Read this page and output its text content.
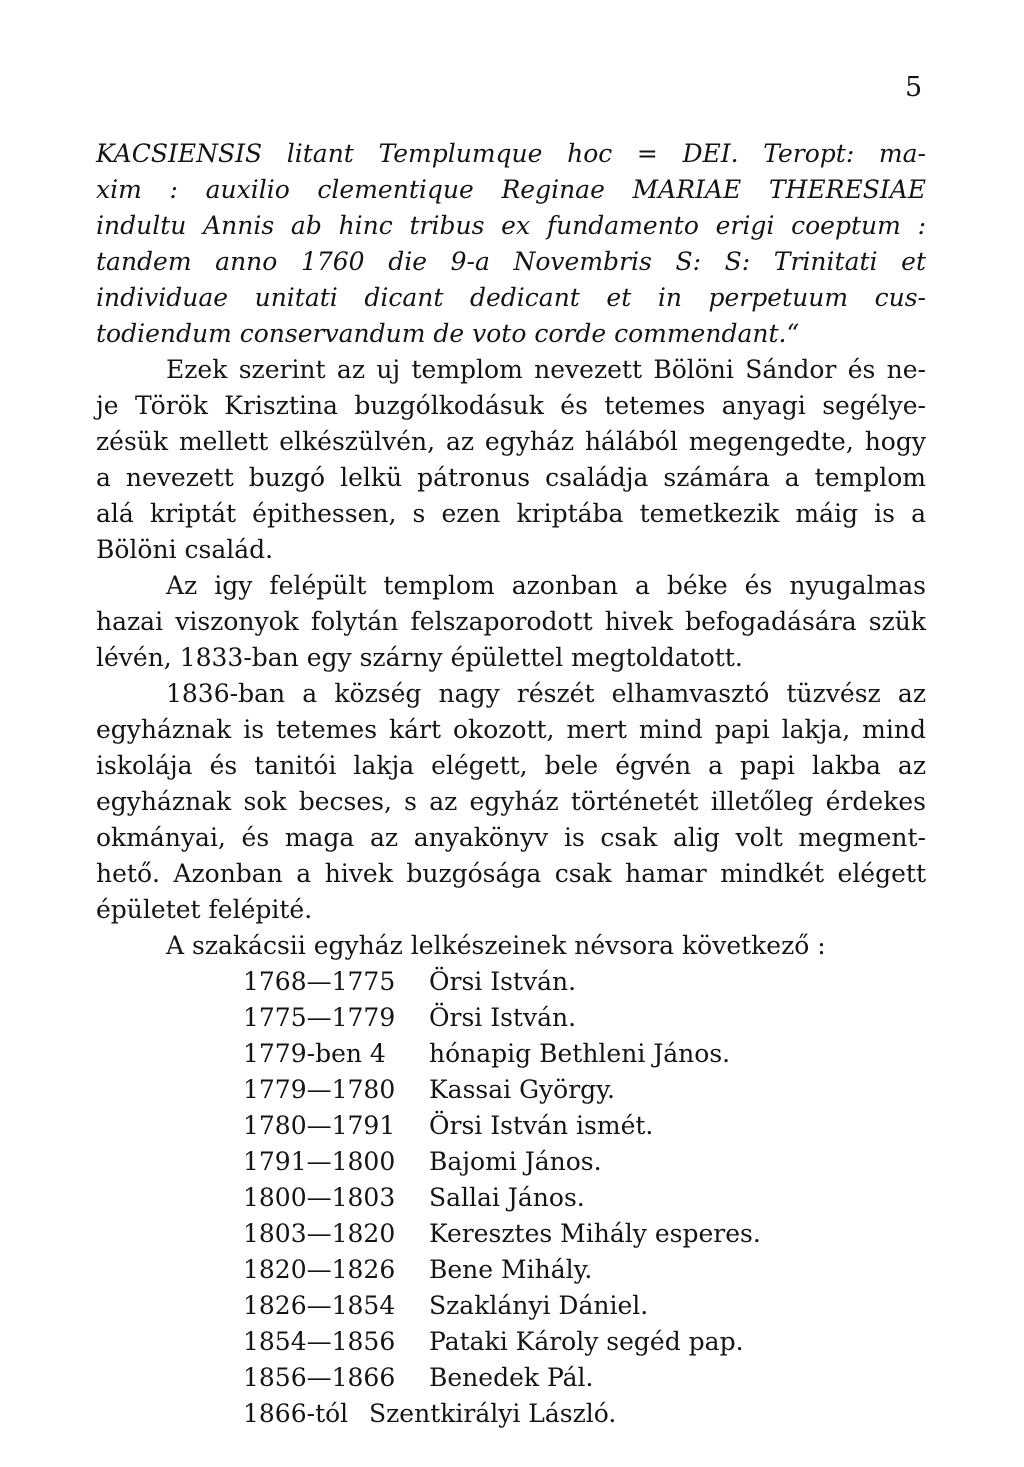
5
KACSIENSIS litant Templumque hoc = DEI. Teropt: ma-
xim : auxilio clementique Reginae MARIAE THERESIAE
indultu Annis ab hinc tribus ex fundamento erigi coeptum :
tandem anno 1760 die 9-a Novembris S: S: Trinitati et
individuae unitati dicant dedicant et in perpetuum cus-
todiendum conservandum de voto corde commendant.“
Ezek szerint az uj templom nevezett Bölöni Sándor és ne-
je Török Krisztina buzgólkodásuk és tetemes anyagi segélye-
zésük mellett elkészülvén, az egyház hálából megengedte, hogy
a nevezett buzgó lelkü pátronus családja számára a templom
alá kriptát épithessen, s ezen kriptába temetkezik máig is a
Bölöni család.
Az igy felépült templom azonban a béke és nyugalmas
hazai viszonyok folytán felszaporodott hivek befogadására szük
lévén, 1833-ban egy szárny épülettel megtoldatott.
1836-ban a község nagy részét elhamvasztó tüzvész az
egyháznak is tetemes kárt okozott, mert mind papi lakja, mind
iskolája és tanitói lakja elégett, bele égvén a papi lakba az
egyháznak sok becses, s az egyház történetét illetőleg érdekes
okmányai, és maga az anyakönyv is csak alig volt megment-
hető. Azonban a hivek buzgósága csak hamar mindkét elégett
épületet felépité.
A szakácsii egyház lelkészeinek névsora következő :
1768—1775 Örsi István.
1775—1779 Örsi István.
1779-ben 4 hónapig Bethleni János.
1779—1780 Kassai György.
1780—1791 Örsi István ismét.
1791—1800 Bajomi János.
1800—1803 Sallai János.
1803—1820 Keresztes Mihály esperes.
1820—1826 Bene Mihály.
1826—1854 Szaklányi Dániel.
1854—1856 Pataki Károly segéd pap.
1856—1866 Benedek Pál.
1866-tól Szentkirályi László.
